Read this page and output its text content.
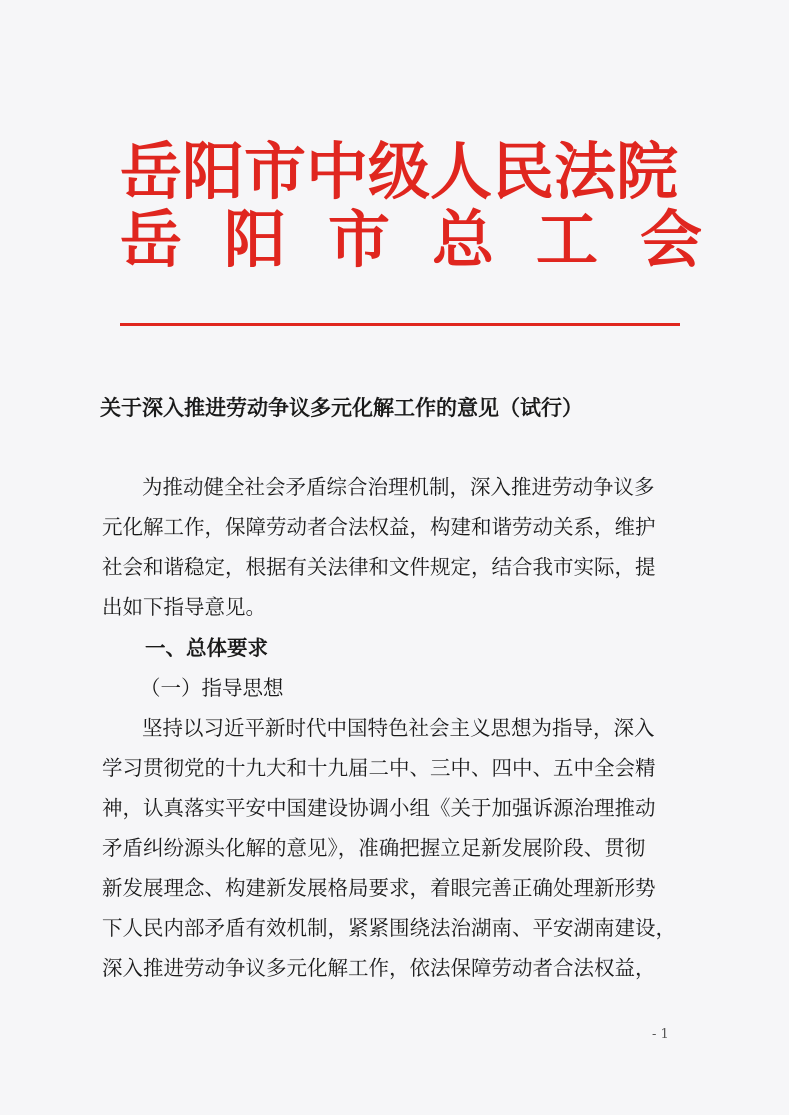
岳阳市中级人民法院
岳阳市总工会
关于深入推进劳动争议多元化解工作的意见（试行）
为推动健全社会矛盾综合治理机制，深入推进劳动争议多
元化解工作，保障劳动者合法权益，构建和谐劳动关系，维护
社会和谐稳定，根据有关法律和文件规定，结合我市实际，提
出如下指导意见。
一、总体要求
（一）指导思想
坚持以习近平新时代中国特色社会主义思想为指导，深入
学习贯彻党的十九大和十九届二中、三中、四中、五中全会精
神，认真落实平安中国建设协调小组《关于加强诉源治理推动
矛盾纠纷源头化解的意见》，准确把握立足新发展阶段、贯彻
新发展理念、构建新发展格局要求，着眼完善正确处理新形势
下人民内部矛盾有效机制，紧紧围绕法治湖南、平安湖南建设，
深入推进劳动争议多元化解工作，依法保障劳动者合法权益，
- 1
